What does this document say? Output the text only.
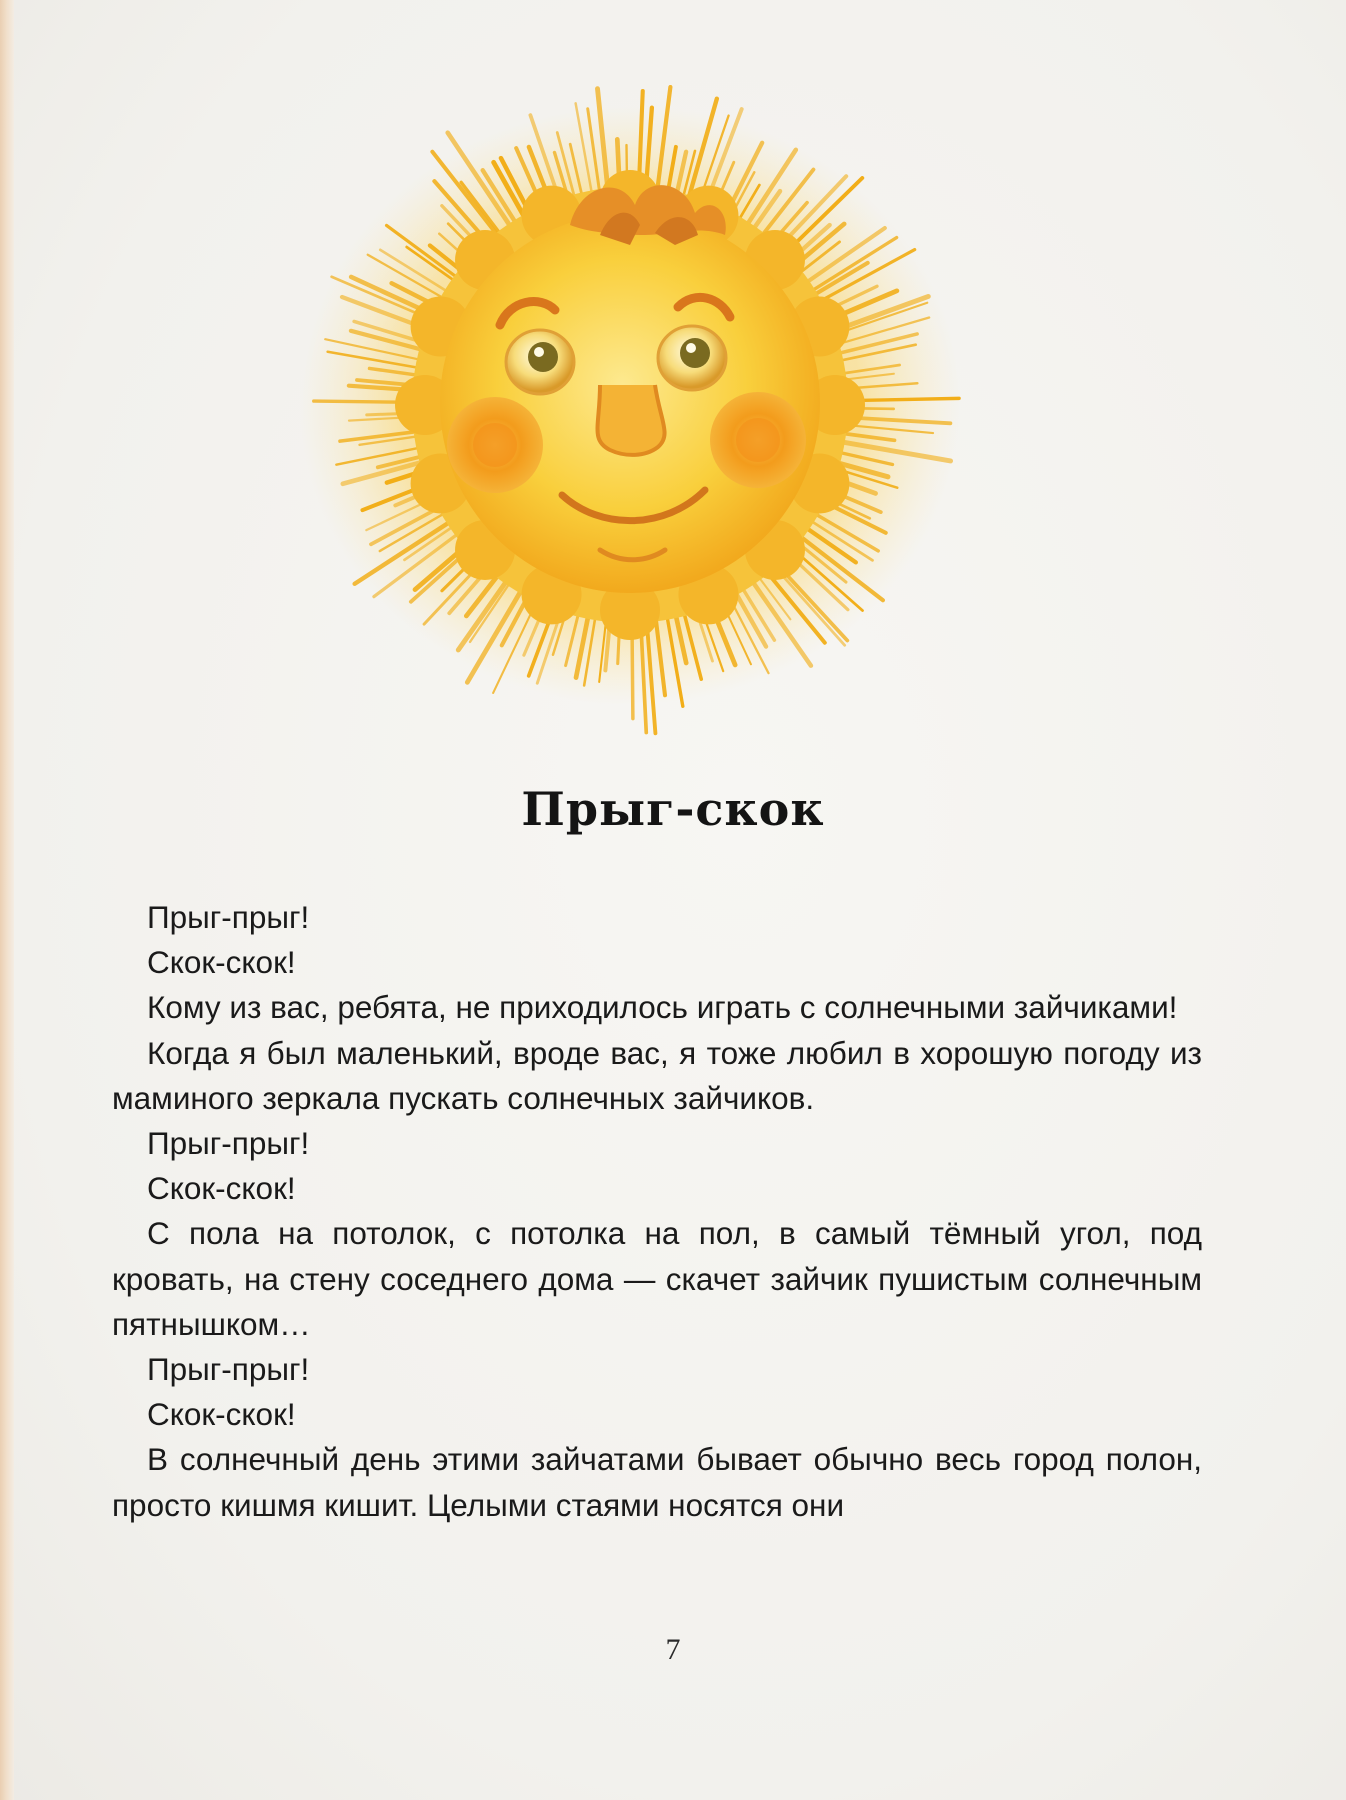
Прыг-скок

Прыг-прыг!

Скок-скок!

Кому из вас, ребята, не приходилось играть с солнечными зайчиками!

Когда я был маленький, вроде вас, я тоже любил в хорошую погоду из маминого зеркала пускать солнечных зайчиков.

Прыг-прыг!

Скок-скок!

С пола на потолок, с потолка на пол, в самый тёмный угол, под кровать, на стену соседнего дома — скачет зайчик пушистым солнечным пятнышком…

Прыг-прыг!

Скок-скок!

В солнечный день этими зайчатами бывает обычно весь город полон, просто кишмя кишит. Целыми стаями носятся они

7
